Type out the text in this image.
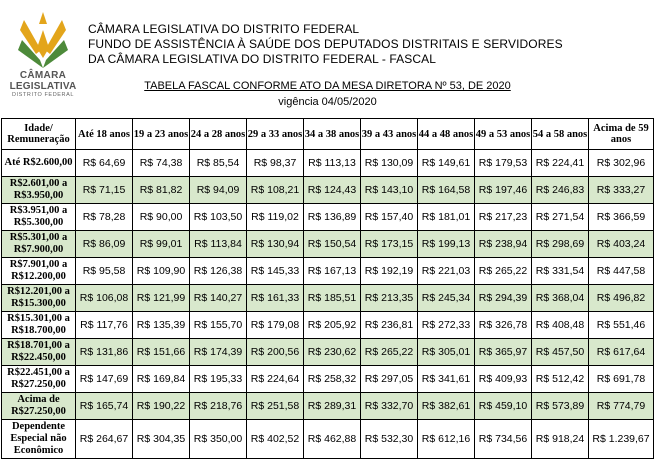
CÂMARA
LEGISLATIVA
DISTRITO FEDERAL
CÂMARA LEGISLATIVA DO DISTRITO FEDERAL
FUNDO DE ASSISTÊNCIA À SAÚDE DOS DEPUTADOS DISTRITAIS E SERVIDORES
DA CÂMARA LEGISLATIVA DO DISTRITO FEDERAL - FASCAL
TABELA FASCAL CONFORME ATO DA MESA DIRETORA Nº 53, DE 2020
vigência 04/05/2020
Idade/ Remuneração	Até 18 anos	19 a 23 anos	24 a 28 anos	29 a 33 anos	34 a 38 anos	39 a 43 anos	44 a 48 anos	49 a 53 anos	54 a 58 anos	Acima de 59 anos
Até R$2.600,00	R$ 64,69	R$ 74,38	R$ 85,54	R$ 98,37	R$ 113,13	R$ 130,09	R$ 149,61	R$ 179,53	R$ 224,41	R$ 302,96
R$2.601,00 a R$3.950,00	R$ 71,15	R$ 81,82	R$ 94,09	R$ 108,21	R$ 124,43	R$ 143,10	R$ 164,58	R$ 197,46	R$ 246,83	R$ 333,27
R$3.951,00 a R$5.300,00	R$ 78,28	R$ 90,00	R$ 103,50	R$ 119,02	R$ 136,89	R$ 157,40	R$ 181,01	R$ 217,23	R$ 271,54	R$ 366,59
R$5.301,00 a R$7.900,00	R$ 86,09	R$ 99,01	R$ 113,84	R$ 130,94	R$ 150,54	R$ 173,15	R$ 199,13	R$ 238,94	R$ 298,69	R$ 403,24
R$7.901,00 a R$12.200,00	R$ 95,58	R$ 109,90	R$ 126,38	R$ 145,33	R$ 167,13	R$ 192,19	R$ 221,03	R$ 265,22	R$ 331,54	R$ 447,58
R$12.201,00 a R$15.300,00	R$ 106,08	R$ 121,99	R$ 140,27	R$ 161,33	R$ 185,51	R$ 213,35	R$ 245,34	R$ 294,39	R$ 368,04	R$ 496,82
R$15.301,00 a R$18.700,00	R$ 117,76	R$ 135,39	R$ 155,70	R$ 179,08	R$ 205,92	R$ 236,81	R$ 272,33	R$ 326,78	R$ 408,48	R$ 551,46
R$18.701,00 a R$22.450,00	R$ 131,86	R$ 151,66	R$ 174,39	R$ 200,56	R$ 230,62	R$ 265,22	R$ 305,01	R$ 365,97	R$ 457,50	R$ 617,64
R$22.451,00 a R$27.250,00	R$ 147,69	R$ 169,84	R$ 195,33	R$ 224,64	R$ 258,32	R$ 297,05	R$ 341,61	R$ 409,93	R$ 512,42	R$ 691,78
Acima de R$27.250,00	R$ 165,74	R$ 190,22	R$ 218,76	R$ 251,58	R$ 289,31	R$ 332,70	R$ 382,61	R$ 459,10	R$ 573,89	R$ 774,79
Dependente Especial não Econômico	R$ 264,67	R$ 304,35	R$ 350,00	R$ 402,52	R$ 462,88	R$ 532,30	R$ 612,16	R$ 734,56	R$ 918,24	R$ 1.239,67
